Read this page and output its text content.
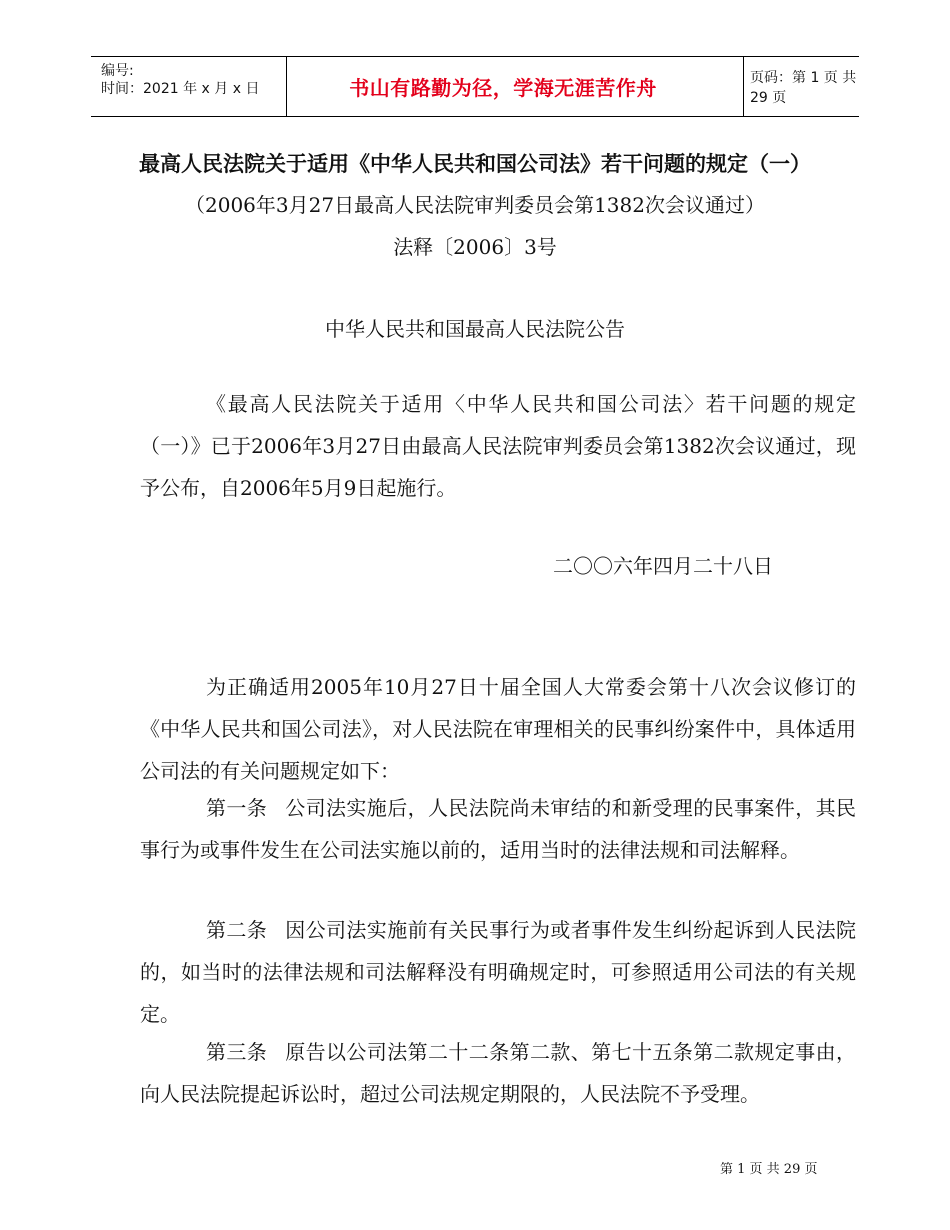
编号:
时间：2021 年 x 月 x 日	书山有路勤为径，学海无涯苦作舟	页码：第 1 页 共 29 页
最高人民法院关于适用《中华人民共和国公司法》若干问题的规定（一）
（2006年3月27日最高人民法院审判委员会第1382次会议通过）
法释〔2006〕3号
中华人民共和国最高人民法院公告
《最高人民法院关于适用〈中华人民共和国公司法〉若干问题的规定（一）》已于2006年3月27日由最高人民法院审判委员会第1382次会议通过，现予公布，自2006年5月9日起施行。
二〇〇六年四月二十八日
为正确适用2005年10月27日十届全国人大常委会第十八次会议修订的《中华人民共和国公司法》，对人民法院在审理相关的民事纠纷案件中，具体适用公司法的有关问题规定如下：
第一条 公司法实施后，人民法院尚未审结的和新受理的民事案件，其民事行为或事件发生在公司法实施以前的，适用当时的法律法规和司法解释。
第二条 因公司法实施前有关民事行为或者事件发生纠纷起诉到人民法院的，如当时的法律法规和司法解释没有明确规定时，可参照适用公司法的有关规定。
第三条 原告以公司法第二十二条第二款、第七十五条第二款规定事由，向人民法院提起诉讼时，超过公司法规定期限的，人民法院不予受理。
第 1 页 共 29 页
